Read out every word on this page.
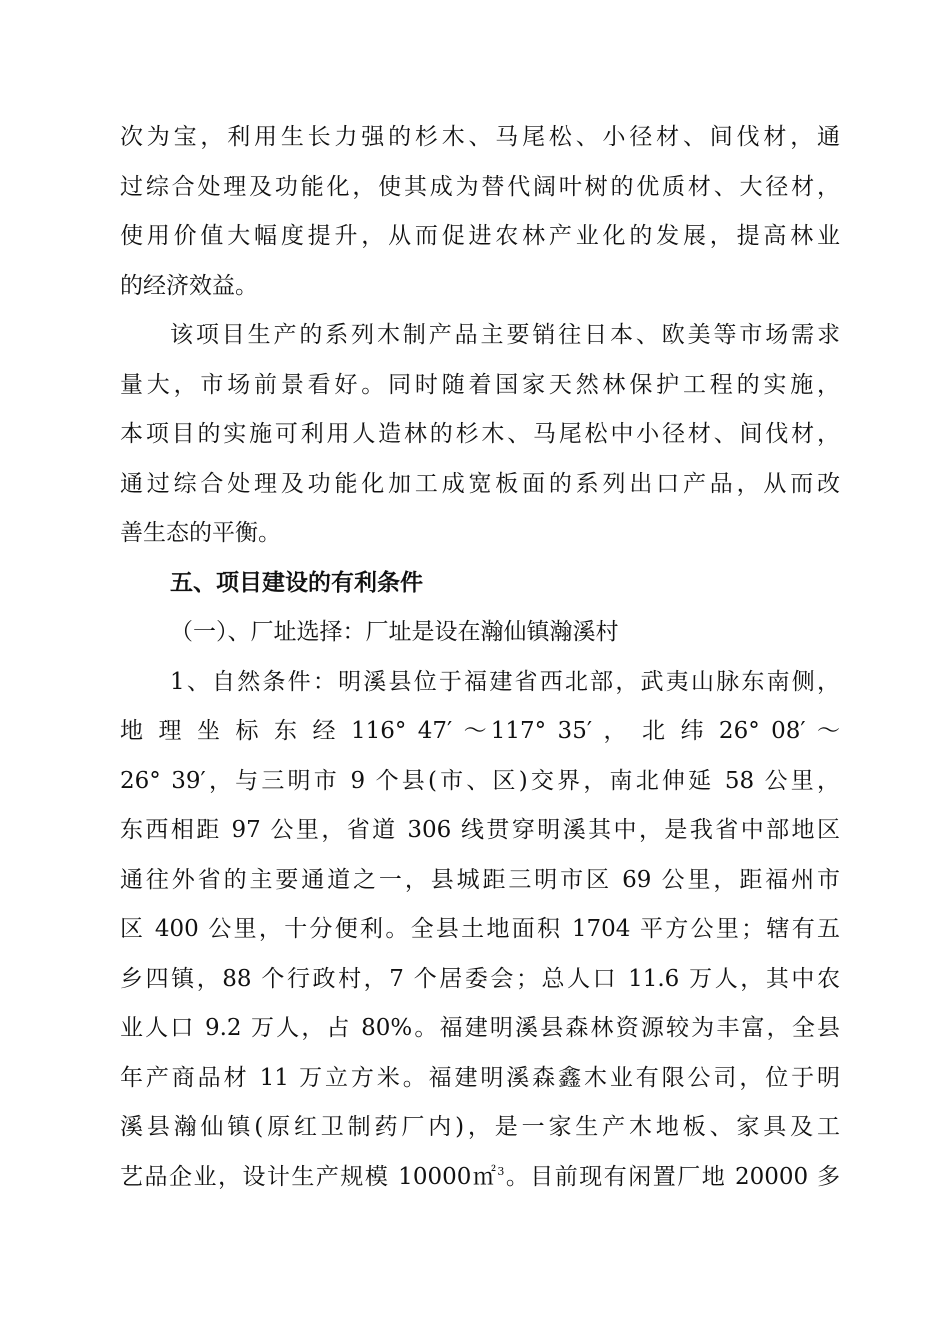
次为宝，利用生长力强的杉木、马尾松、小径材、间伐材，通
过综合处理及功能化，使其成为替代阔叶树的优质材、大径材，
使用价值大幅度提升，从而促进农林产业化的发展，提高林业
的经济效益。
该项目生产的系列木制产品主要销往日本、欧美等市场需求
量大，市场前景看好。同时随着国家天然林保护工程的实施，
本项目的实施可利用人造林的杉木、马尾松中小径材、间伐材，
通过综合处理及功能化加工成宽板面的系列出口产品，从而改
善生态的平衡。
五、项目建设的有利条件
（一）、厂址选择：厂址是设在瀚仙镇瀚溪村
1、自然条件：明溪县位于福建省西北部，武夷山脉东南侧，
地 理 坐 标 东 经 116° 47′ ～117° 35′ ， 北 纬 26° 08′ ～
26° 39′，与三明市 9 个县(市、区)交界，南北伸延 58 公里，
东西相距 97 公里，省道 306 线贯穿明溪其中，是我省中部地区
通往外省的主要通道之一，县城距三明市区 69 公里，距福州市
区 400 公里，十分便利。全县土地面积 1704 平方公里；辖有五
乡四镇，88 个行政村，7 个居委会；总人口 11.6 万人，其中农
业人口 9.2 万人，占 80%。福建明溪县森林资源较为丰富，全县
年产商品材 11 万立方米。福建明溪森鑫木业有限公司，位于明
溪县瀚仙镇(原红卫制药厂内)，是一家生产木地板、家具及工
艺品企业，设计生产规模 10000㎡$^3$。目前现有闲置厂地 20000 多
